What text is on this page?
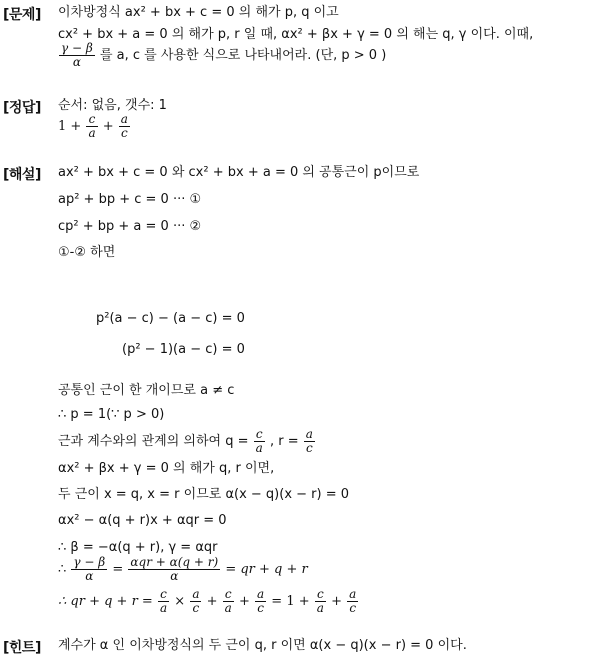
[문제] 이차방정식 ax² + bx + c = 0 의 해가 p, q 이고
cx² + bx + a = 0 의 해가 p, r 일 때, αx² + βx + γ = 0 의 해는 q, γ 이다. 이때,
$\frac{\gamma - \beta}{\alpha}$ 를 a, c 를 사용한 식으로 나타내어라. (단, p > 0 )
[정답] 순서: 없음, 갯수: 1
$1 + \frac{c}{a} + \frac{a}{c}$
[해설] ax² + bx + c = 0 와 cx² + bx + a = 0 의 공통근이 p이므로
ap² + bp + c = 0 ··· ①
cp² + bp + a = 0 ··· ②
①-② 하면
p²(a − c) − (a − c) = 0
(p² − 1)(a − c) = 0
공통인 근이 한 개이므로 a ≠ c
∴ p = 1(∵ p > 0)
근과 계수와의 관계의 의하여 $q = \frac{c}{a}$ , $r = \frac{a}{c}$
αx² + βx + γ = 0 의 해가 q, r 이면,
두 근이 x = q, x = r 이므로 α(x − q)(x − r) = 0
αx² − α(q + r)x + αqr = 0
∴ β = −α(q + r), γ = αqr
∴ $\frac{\gamma - \beta}{\alpha} = \frac{\text{αqr + α(q + r)}}{\alpha}$ = qr + q + r
∴ qr + $q + r = \frac{c}{a} \times \frac{a}{c} + \frac{c}{a} + \frac{a}{c} = 1 + \frac{c}{a} + \frac{a}{c}$
[힌트] 계수가 α 인 이차방정식의 두 근이 q, r 이면 α(x − q)(x − r) = 0 이다.
